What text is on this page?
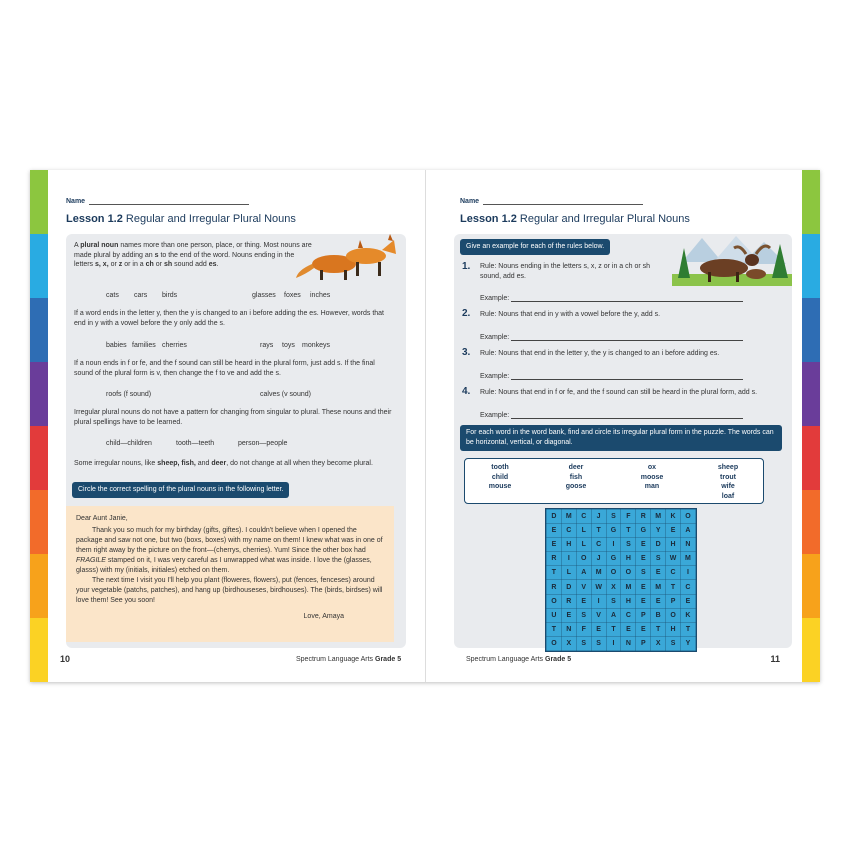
Name
Lesson 1.2 Regular and Irregular Plural Nouns
A plural noun names more than one person, place, or thing. Most nouns are made plural by adding an s to the end of the word. Nouns ending in the letters s, x, or z or in a ch or sh sound add es.
cats cars birds	glasses foxes inches
If a word ends in the letter y, then the y is changed to an i before adding the es. However, words that end in y with a vowel before the y only add the s.
babies families cherries	rays toys monkeys
If a noun ends in f or fe, and the f sound can still be heard in the plural form, just add s. If the final sound of the plural form is v, then change the f to ve and add the s.
roofs (f sound)	calves (v sound)
Irregular plural nouns do not have a pattern for changing from singular to plural. These nouns and their plural spellings have to be learned.
child—children	tooth—teeth	person—people
Some irregular nouns, like sheep, fish, and deer, do not change at all when they become plural.
Circle the correct spelling of the plural nouns in the following letter.

Dear Aunt Janie,

Thank you so much for my birthday (gifts, giftes). I couldn't believe when I opened the package and saw not one, but two (boxs, boxes) with my name on them! I knew what was in one of them right away by the picture on the front—(cherrys, cherries). Yum! Since the other box had FRAGILE stamped on it, I was very careful as I unwrapped what was inside. I love the (glasses, glasss) with my (initials, initiales) etched on them.

The next time I visit you I'll help you plant (floweres, flowers), put (fences, fenceses) around your vegetable (patchs, patches), and hang up (birdhouseses, birdhouses). The (birds, birdses) will love them! See you soon!

Love, Amaya
10	Spectrum Language Arts Grade 5
Name
Lesson 1.2 Regular and Irregular Plural Nouns
Give an example for each of the rules below.
1. Rule: Nouns ending in the letters s, x, z or in a ch or sh sound, add es.
Example:
2. Rule: Nouns that end in y with a vowel before the y, add s.
Example:
3. Rule: Nouns that end in the letter y, the y is changed to an i before adding es.
Example:
4. Rule: Nouns that end in f or fe, and the f sound can still be heard in the plural form, add s.
Example:
For each word in the word bank, find and circle its irregular plural form in the puzzle. The words can be horizontal, vertical, or diagonal.
tooth
child
mouse
deer
fish
goose
ox
moose
man
sheep
trout
wife
loaf
D	M	C	J	S	F	R	M	K	O
E	C	L	T	G	T	G	Y	E	A
E	H	L	C	I	S	E	D	H	N
R	I	O	J	G	H	E	S	W	M
T	L	A	M	O	O	S	E	C	I
R	D	V	W	X	M	E	M	T	C
O	R	E	I	S	H	E	E	P	E
U	E	S	V	A	C	P	B	O	K
T	N	F	E	T	E	E	T	H	T
O	X	S	S	I	N	P	X	S	Y
11
Spectrum Language Arts Grade 5
